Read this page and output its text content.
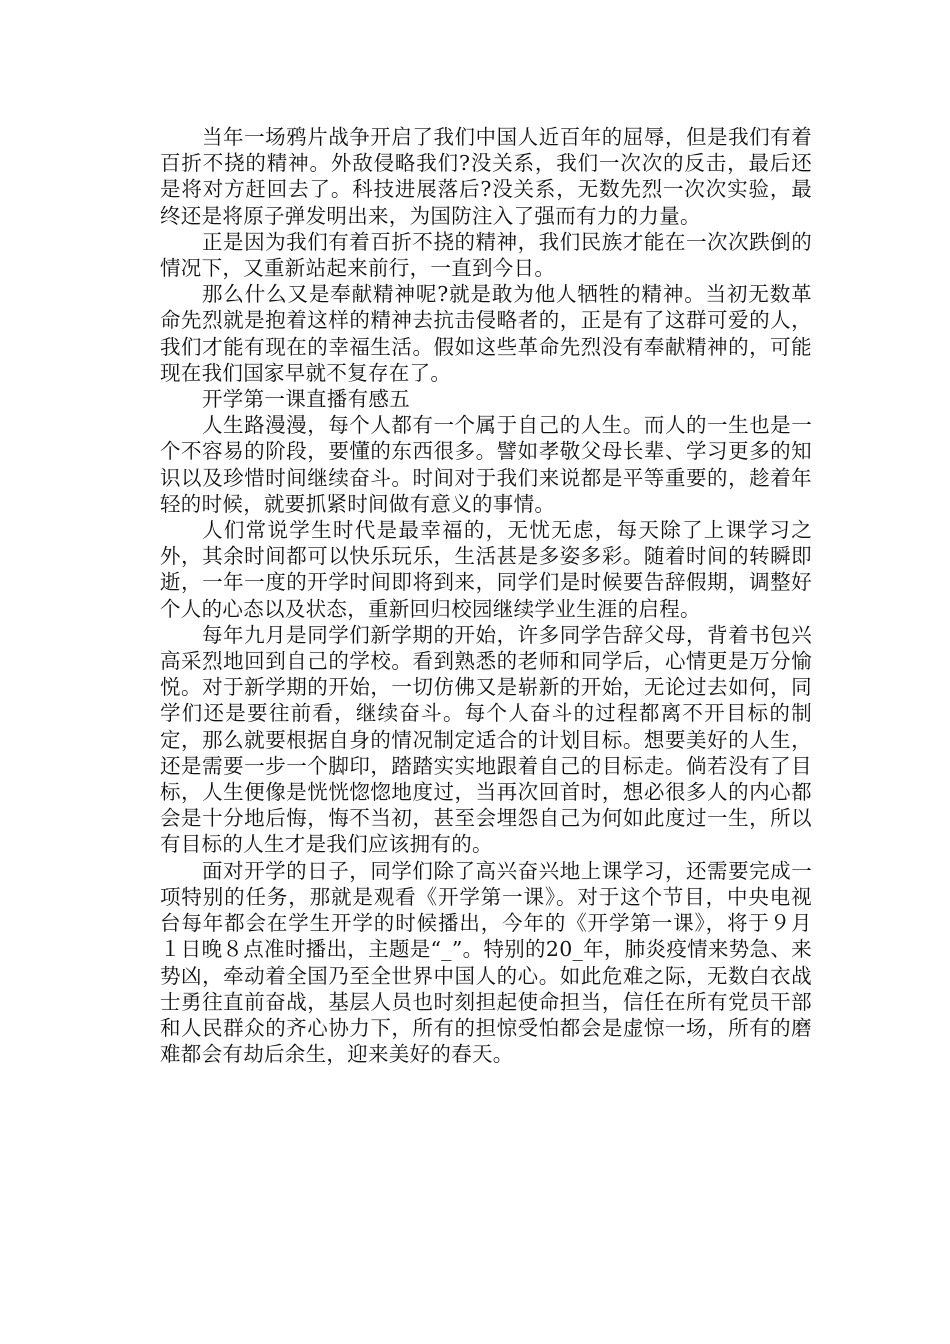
当年一场鸦片战争开启了我们中国人近百年的屈辱，但是我们有着百折不挠的精神。外敌侵略我们?没关系，我们一次次的反击，最后还是将对方赶回去了。科技进展落后?没关系，无数先烈一次次实验，最终还是将原子弹发明出来，为国防注入了强而有力的力量。

正是因为我们有着百折不挠的精神，我们民族才能在一次次跌倒的情况下，又重新站起来前行，一直到今日。

那么什么又是奉献精神呢?就是敢为他人牺牲的精神。当初无数革命先烈就是抱着这样的精神去抗击侵略者的，正是有了这群可爱的人，我们才能有现在的幸福生活。假如这些革命先烈没有奉献精神的，可能现在我们国家早就不复存在了。

开学第一课直播有感五

人生路漫漫，每个人都有一个属于自己的人生。而人的一生也是一个不容易的阶段，要懂的东西很多。譬如孝敬父母长辈、学习更多的知识以及珍惜时间继续奋斗。时间对于我们来说都是平等重要的，趁着年轻的时候，就要抓紧时间做有意义的事情。

人们常说学生时代是最幸福的，无忧无虑，每天除了上课学习之外，其余时间都可以快乐玩乐，生活甚是多姿多彩。随着时间的转瞬即逝，一年一度的开学时间即将到来，同学们是时候要告辞假期，调整好个人的心态以及状态，重新回归校园继续学业生涯的启程。

每年九月是同学们新学期的开始，许多同学告辞父母，背着书包兴高采烈地回到自己的学校。看到熟悉的老师和同学后，心情更是万分愉悦。对于新学期的开始，一切仿佛又是崭新的开始，无论过去如何，同学们还是要往前看，继续奋斗。每个人奋斗的过程都离不开目标的制定，那么就要根据自身的情况制定适合的计划目标。想要美好的人生，还是需要一步一个脚印，踏踏实实地跟着自己的目标走。倘若没有了目标，人生便像是恍恍惚惚地度过，当再次回首时，想必很多人的内心都会是十分地后悔，悔不当初，甚至会埋怨自己为何如此度过一生，所以有目标的人生才是我们应该拥有的。

面对开学的日子，同学们除了高兴奋兴地上课学习，还需要完成一项特别的任务，那就是观看《开学第一课》。对于这个节目，中央电视台每年都会在学生开学的时候播出，今年的《开学第一课》，将于９月１日晚８点准时播出，主题是“_”。特别的20_年，肺炎疫情来势急、来势凶，牵动着全国乃至全世界中国人的心。如此危难之际，无数白衣战士勇往直前奋战，基层人员也时刻担起使命担当，信任在所有党员干部和人民群众的齐心协力下，所有的担惊受怕都会是虚惊一场，所有的磨难都会有劫后余生，迎来美好的春天。
